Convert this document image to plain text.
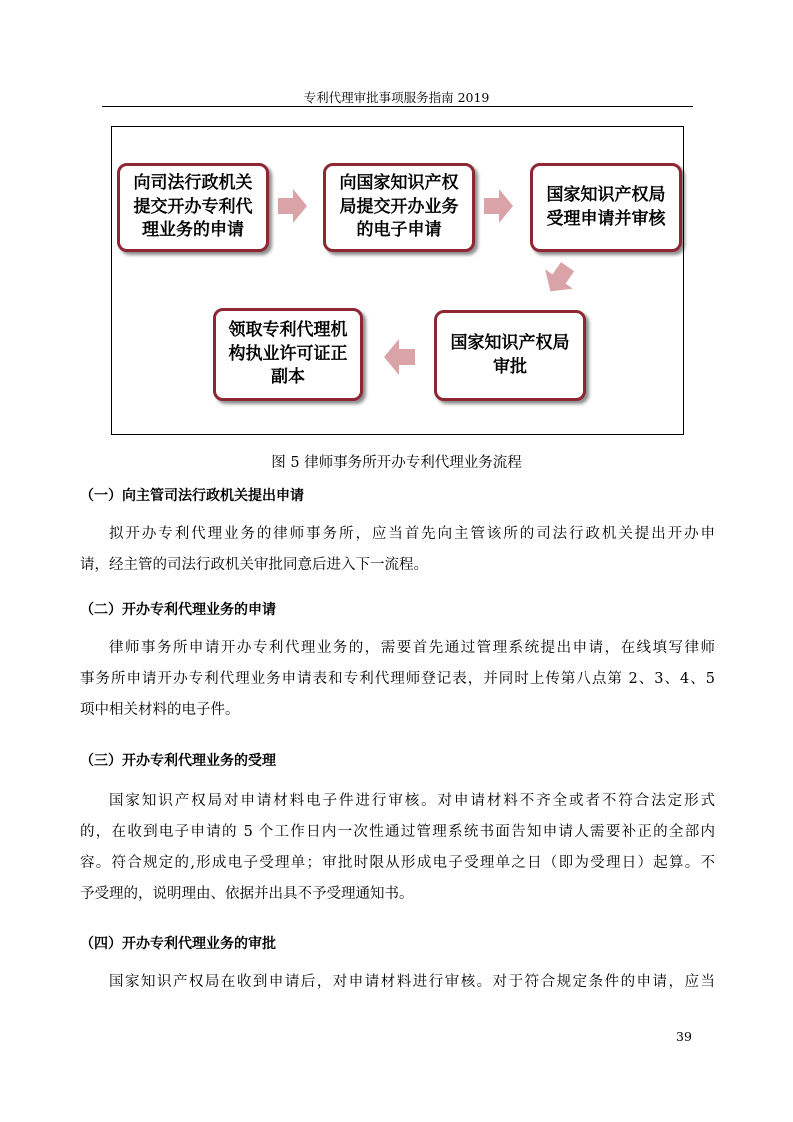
专利代理审批事项服务指南 2019
向司法行政机关
提交开办专利代
理业务的申请
向国家知识产权
局提交开办业务
的电子申请
国家知识产权局
受理申请并审核
国家知识产权局
审批
领取专利代理机
构执业许可证正
副本
图 5 律师事务所开办专利代理业务流程
（一）向主管司法行政机关提出申请
拟开办专利代理业务的律师事务所，应当首先向主管该所的司法行政机关提出开办申
请，经主管的司法行政机关审批同意后进入下一流程。
（二）开办专利代理业务的申请
律师事务所申请开办专利代理业务的，需要首先通过管理系统提出申请，在线填写律师
事务所申请开办专利代理业务申请表和专利代理师登记表，并同时上传第八点第 2、3、4、5
项中相关材料的电子件。
（三）开办专利代理业务的受理
国家知识产权局对申请材料电子件进行审核。对申请材料不齐全或者不符合法定形式
的，在收到电子申请的 5 个工作日内一次性通过管理系统书面告知申请人需要补正的全部内
容。符合规定的,形成电子受理单；审批时限从形成电子受理单之日（即为受理日）起算。不
予受理的，说明理由、依据并出具不予受理通知书。
（四）开办专利代理业务的审批
国家知识产权局在收到申请后，对申请材料进行审核。对于符合规定条件的申请，应当
39
